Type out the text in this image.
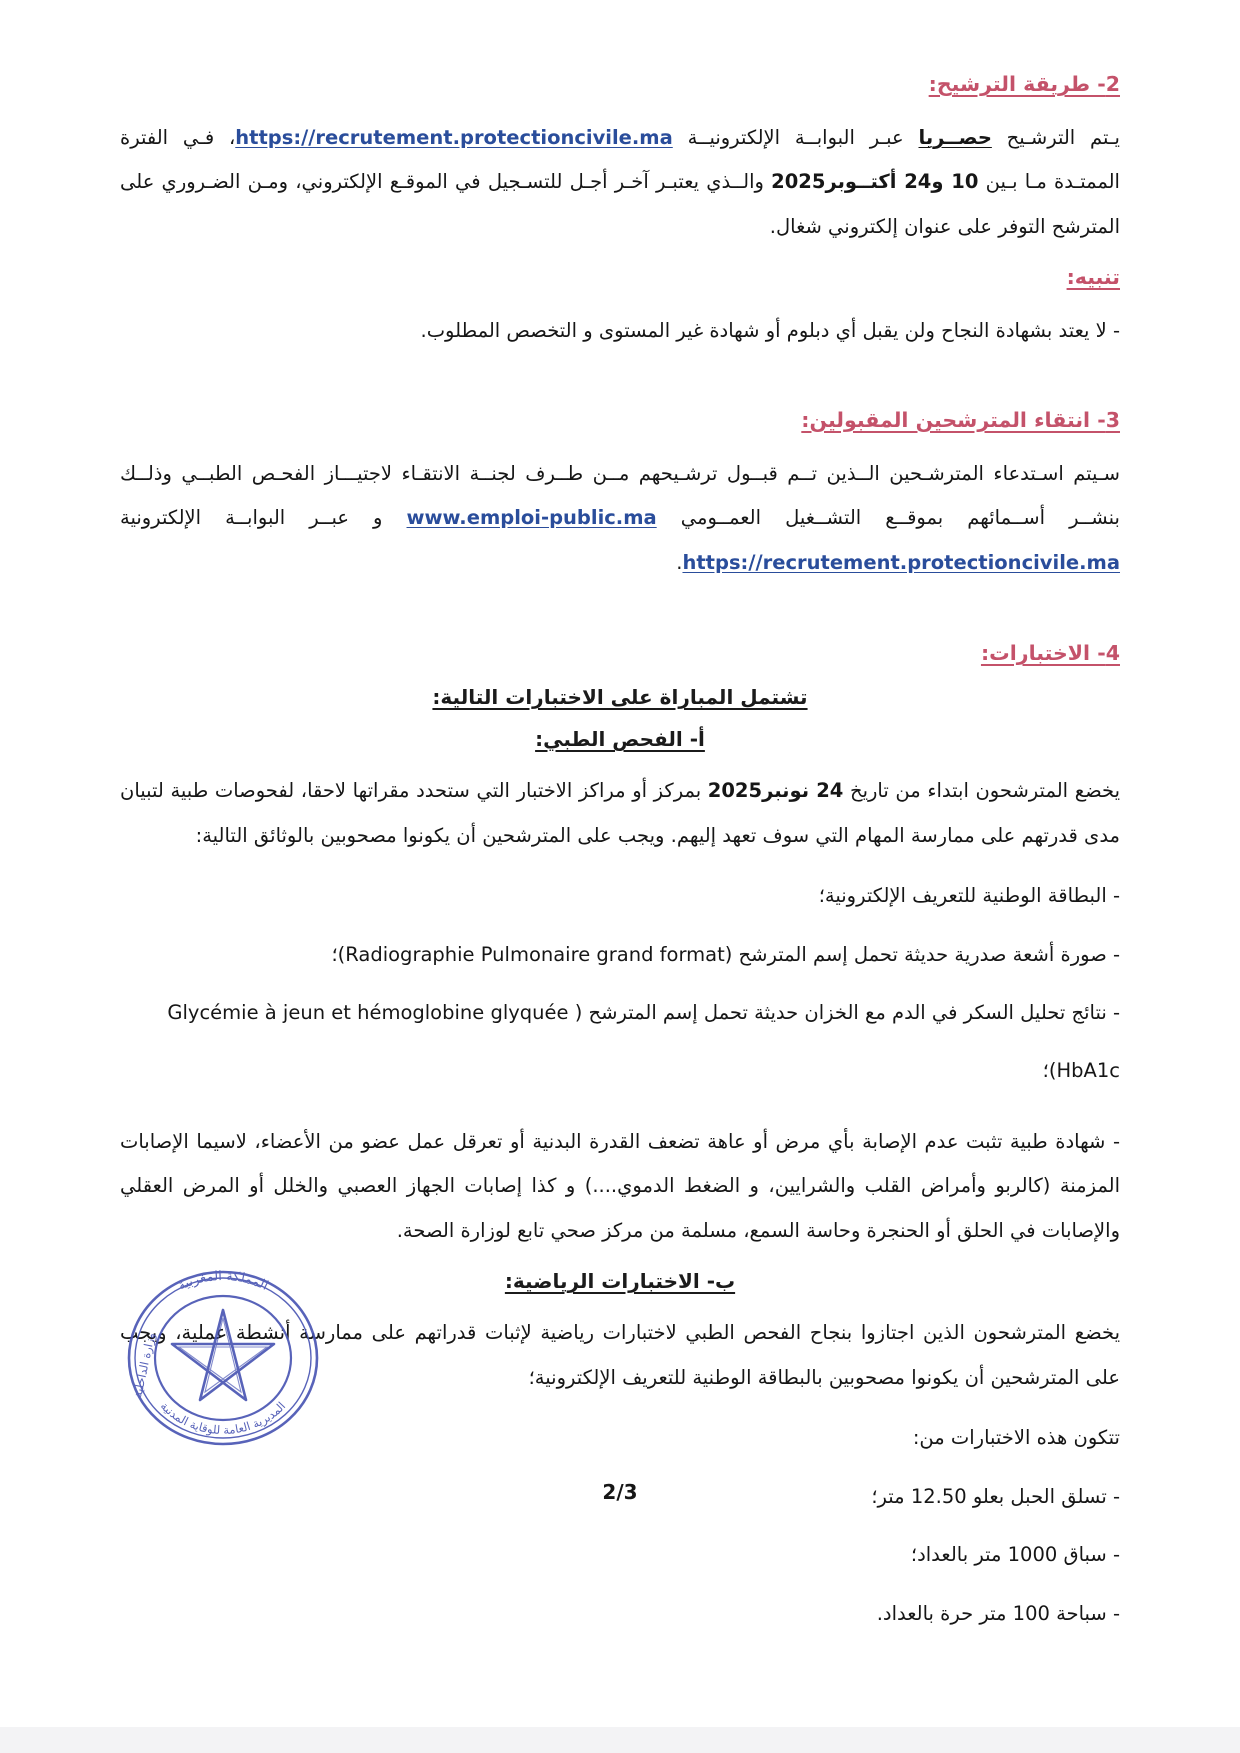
2- طريقة الترشيح:

يـتم الترشـيح حصــريا عبـر البوابــة الإلكترونيــة https://recrutement.protectioncivile.ma، فـي الفترة الممتـدة مـا بـين 10 و24 أكتــوبر2025 والــذي يعتبـر آخـر أجـل للتسـجيل في الموقـع الإلكتروني، ومـن الضـروري على المترشح التوفر على عنوان إلكتروني شغال.

تنبيه:

- لا يعتد بشهادة النجاح ولن يقبل أي دبلوم أو شهادة غير المستوى و التخصص المطلوب.

3- انتقاء المترشحين المقبولين:

سـيتم اسـتدعاء المترشـحين الــذين تــم قبــول ترشـيحهم مــن طــرف لجنــة الانتقـاء لاجتيـــاز الفحـص الطبــي وذلــك بنشــر أســمائهم بموقــع التشــغيل العمــومي www.emploi-public.ma و عبــر البوابــة الإلكترونية https://recrutement.protectioncivile.ma.

4- الاختبارات:
تشتمل المباراة على الاختبارات التالية:
أ- الفحص الطبي:

يخضع المترشحون ابتداء من تاريخ 24 نونبر2025 بمركز أو مراكز الاختبار التي ستحدد مقراتها لاحقا، لفحوصات طبية لتبيان مدى قدرتهم على ممارسة المهام التي سوف تعهد إليهم. ويجب على المترشحين أن يكونوا مصحوبين بالوثائق التالية:

- البطاقة الوطنية للتعريف الإلكترونية؛

- صورة أشعة صدرية حديثة تحمل إسم المترشح (Radiographie Pulmonaire grand format)؛

- نتائج تحليل السكر في الدم مع الخزان حديثة تحمل إسم المترشح ( Glycémie à jeun et hémoglobine glyquée

HbA1c)؛

- شهادة طبية تثبت عدم الإصابة بأي مرض أو عاهة تضعف القدرة البدنية أو تعرقل عمل عضو من الأعضاء، لاسيما الإصابات المزمنة (كالربو وأمراض القلب والشرايين، و الضغط الدموي....) و كذا إصابات الجهاز العصبي والخلل أو المرض العقلي والإصابات في الحلق أو الحنجرة وحاسة السمع، مسلمة من مركز صحي تابع لوزارة الصحة.

ب- الاختبارات الرياضية:

يخضع المترشحون الذين اجتازوا بنجاح الفحص الطبي لاختبارات رياضية لإثبات قدراتهم على ممارسة أنشطة عملية، ويجب على المترشحين أن يكونوا مصحوبين بالبطاقة الوطنية للتعريف الإلكترونية؛

تتكون هذه الاختبارات من:

- تسلق الحبل بعلو 12.50 متر؛

- سباق 1000 متر بالعداد؛

- سباحة 100 متر حرة بالعداد.

المملكة المغربية
المديرية العامة للوقاية المدنية
وزارة الداخلية
2/3
